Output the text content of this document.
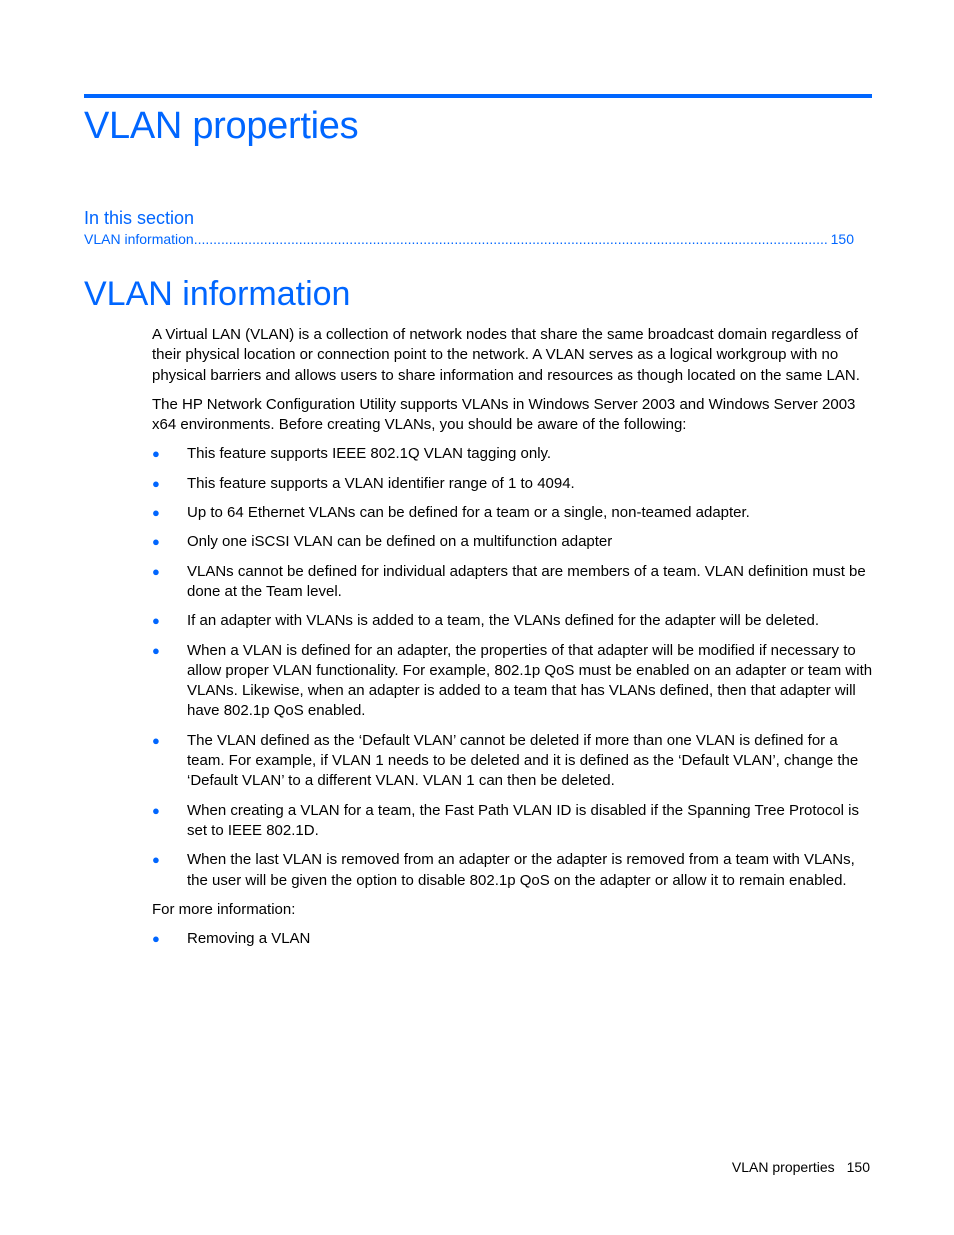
VLAN properties
In this section
VLAN information
.....	150
VLAN information

A Virtual LAN (VLAN) is a collection of network nodes that share the same broadcast domain regardless of their physical location or connection point to the network. A VLAN serves as a logical workgroup with no physical barriers and allows users to share information and resources as though located on the same LAN.

The HP Network Configuration Utility supports VLANs in Windows Server 2003 and Windows Server 2003 x64 environments. Before creating VLANs, you should be aware of the following:

● This feature supports IEEE 802.1Q VLAN tagging only.
● This feature supports a VLAN identifier range of 1 to 4094.
● Up to 64 Ethernet VLANs can be defined for a team or a single, non-teamed adapter.
● Only one iSCSI VLAN can be defined on a multifunction adapter
● VLANs cannot be defined for individual adapters that are members of a team. VLAN definition must be done at the Team level.
● If an adapter with VLANs is added to a team, the VLANs defined for the adapter will be deleted.
● When a VLAN is defined for an adapter, the properties of that adapter will be modified if necessary to allow proper VLAN functionality. For example, 802.1p QoS must be enabled on an adapter or team with VLANs. Likewise, when an adapter is added to a team that has VLANs defined, then that adapter will have 802.1p QoS enabled.
● The VLAN defined as the ‘Default VLAN’ cannot be deleted if more than one VLAN is defined for a team. For example, if VLAN 1 needs to be deleted and it is defined as the ‘Default VLAN’, change the ‘Default VLAN’ to a different VLAN. VLAN 1 can then be deleted.
● When creating a VLAN for a team, the Fast Path VLAN ID is disabled if the Spanning Tree Protocol is set to IEEE 802.1D.
● When the last VLAN is removed from an adapter or the adapter is removed from a team with VLANs, the user will be given the option to disable 802.1p QoS on the adapter or allow it to remain enabled.

For more information:

● Removing a VLAN
VLAN properties 150
